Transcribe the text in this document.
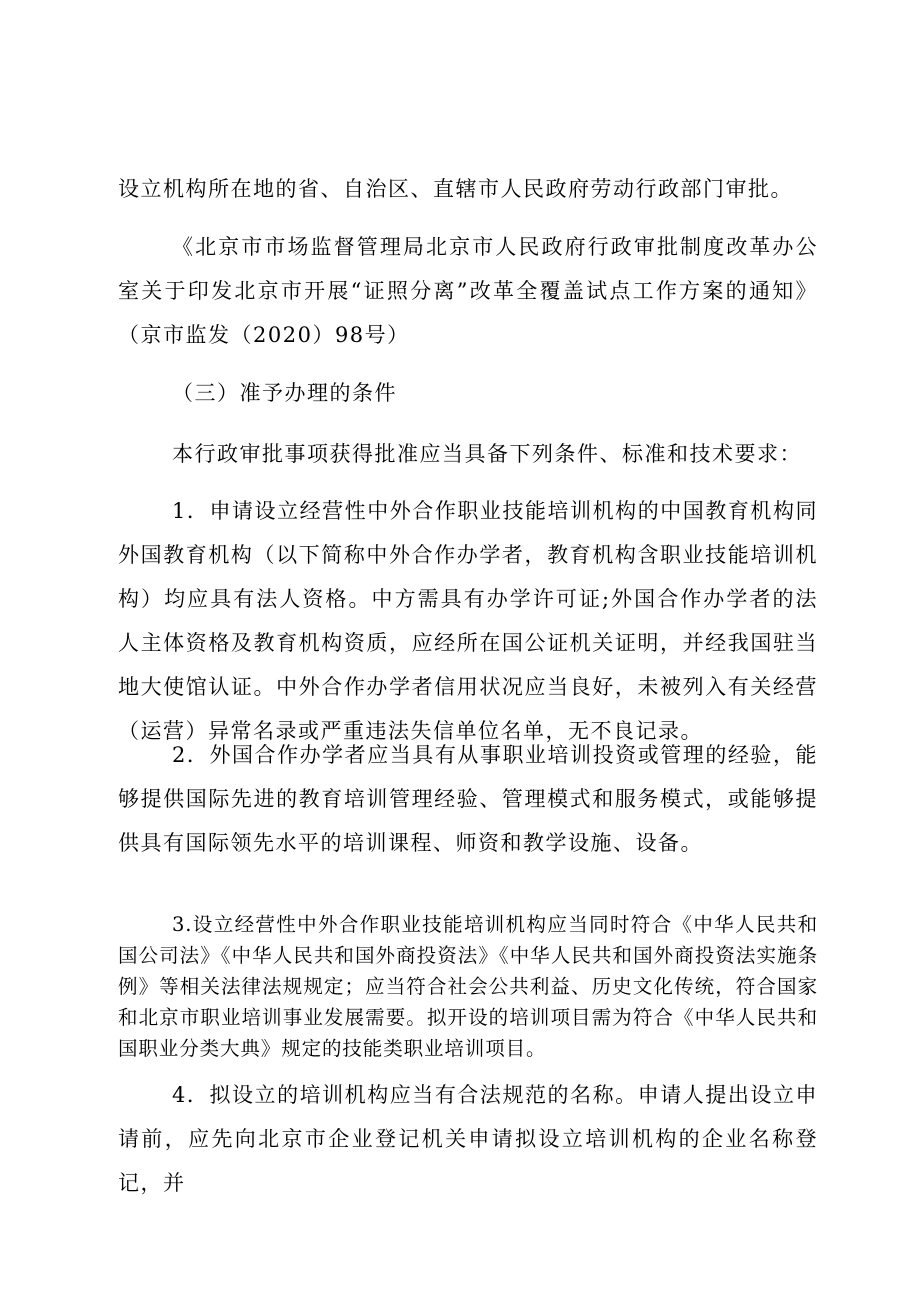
设立机构所在地的省、自治区、直辖市人民政府劳动行政部门审批。

《北京市市场监督管理局北京市人民政府行政审批制度改革办公室关于印发北京市开展“证照分离”改革全覆盖试点工作方案的通知》（京市监发（2020）98号）

（三）准予办理的条件

本行政审批事项获得批准应当具备下列条件、标准和技术要求：

1．申请设立经营性中外合作职业技能培训机构的中国教育机构同外国教育机构（以下简称中外合作办学者，教育机构含职业技能培训机构）均应具有法人资格。中方需具有办学许可证;外国合作办学者的法人主体资格及教育机构资质，应经所在国公证机关证明，并经我国驻当地大使馆认证。中外合作办学者信用状况应当良好，未被列入有关经营（运营）异常名录或严重违法失信单位名单，无不良记录。

2．外国合作办学者应当具有从事职业培训投资或管理的经验，能够提供国际先进的教育培训管理经验、管理模式和服务模式，或能够提供具有国际领先水平的培训课程、师资和教学设施、设备。

3.设立经营性中外合作职业技能培训机构应当同时符合《中华人民共和国公司法》《中华人民共和国外商投资法》《中华人民共和国外商投资法实施条例》等相关法律法规规定；应当符合社会公共利益、历史文化传统，符合国家和北京市职业培训事业发展需要。拟开设的培训项目需为符合《中华人民共和国职业分类大典》规定的技能类职业培训项目。

4．拟设立的培训机构应当有合法规范的名称。申请人提出设立申请前，应先向北京市企业登记机关申请拟设立培训机构的企业名称登记，并
